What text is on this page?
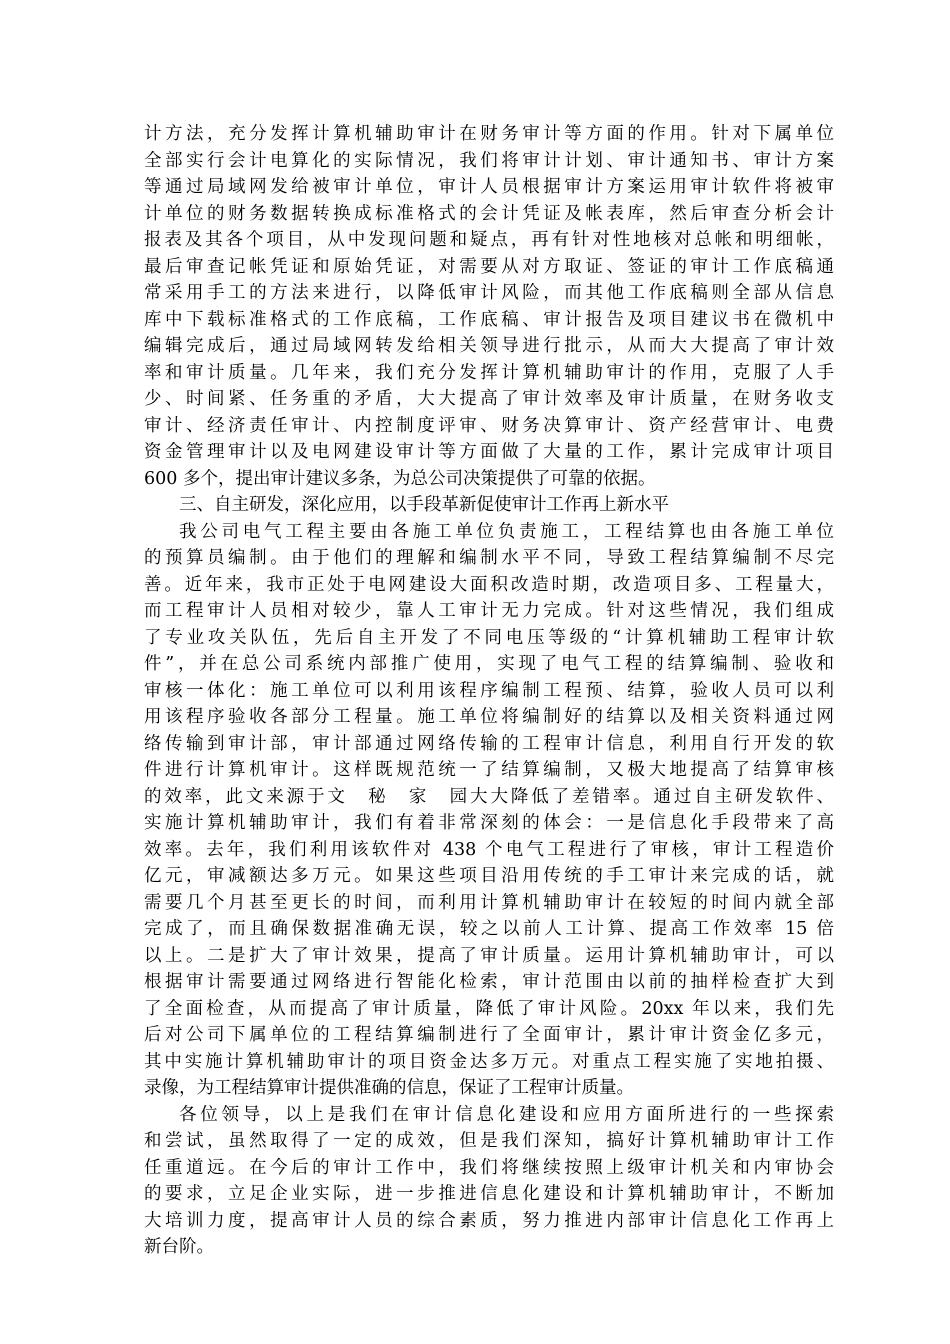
计方法，充分发挥计算机辅助审计在财务审计等方面的作用。针对下属单位
全部实行会计电算化的实际情况，我们将审计计划、审计通知书、审计方案
等通过局域网发给被审计单位，审计人员根据审计方案运用审计软件将被审
计单位的财务数据转换成标准格式的会计凭证及帐表库，然后审查分析会计
报表及其各个项目，从中发现问题和疑点，再有针对性地核对总帐和明细帐，
最后审查记帐凭证和原始凭证，对需要从对方取证、签证的审计工作底稿通
常采用手工的方法来进行，以降低审计风险，而其他工作底稿则全部从信息
库中下载标准格式的工作底稿，工作底稿、审计报告及项目建议书在微机中
编辑完成后，通过局域网转发给相关领导进行批示，从而大大提高了审计效
率和审计质量。几年来，我们充分发挥计算机辅助审计的作用，克服了人手
少、时间紧、任务重的矛盾，大大提高了审计效率及审计质量，在财务收支
审计、经济责任审计、内控制度评审、财务决算审计、资产经营审计、电费
资金管理审计以及电网建设审计等方面做了大量的工作，累计完成审计项目
600 多个，提出审计建议多条，为总公司决策提供了可靠的依据。
三、自主研发，深化应用，以手段革新促使审计工作再上新水平
我公司电气工程主要由各施工单位负责施工，工程结算也由各施工单位
的预算员编制。由于他们的理解和编制水平不同，导致工程结算编制不尽完
善。近年来，我市正处于电网建设大面积改造时期，改造项目多、工程量大，
而工程审计人员相对较少，靠人工审计无力完成。针对这些情况，我们组成
了专业攻关队伍，先后自主开发了不同电压等级的“计算机辅助工程审计软
件”，并在总公司系统内部推广使用，实现了电气工程的结算编制、验收和
审核一体化：施工单位可以利用该程序编制工程预、结算，验收人员可以利
用该程序验收各部分工程量。施工单位将编制好的结算以及相关资料通过网
络传输到审计部，审计部通过网络传输的工程审计信息，利用自行开发的软
件进行计算机审计。这样既规范统一了结算编制，又极大地提高了结算审核
的效率，此文来源于文　秘　家　园大大降低了差错率。通过自主研发软件、
实施计算机辅助审计，我们有着非常深刻的体会：一是信息化手段带来了高
效率。去年，我们利用该软件对 438 个电气工程进行了审核，审计工程造价
亿元，审减额达多万元。如果这些项目沿用传统的手工审计来完成的话，就
需要几个月甚至更长的时间，而利用计算机辅助审计在较短的时间内就全部
完成了，而且确保数据准确无误，较之以前人工计算、提高工作效率 15 倍
以上。二是扩大了审计效果，提高了审计质量。运用计算机辅助审计，可以
根据审计需要通过网络进行智能化检索，审计范围由以前的抽样检查扩大到
了全面检查，从而提高了审计质量，降低了审计风险。20xx 年以来，我们先
后对公司下属单位的工程结算编制进行了全面审计，累计审计资金亿多元，
其中实施计算机辅助审计的项目资金达多万元。对重点工程实施了实地拍摄、
录像，为工程结算审计提供准确的信息，保证了工程审计质量。
各位领导，以上是我们在审计信息化建设和应用方面所进行的一些探索
和尝试，虽然取得了一定的成效，但是我们深知，搞好计算机辅助审计工作
任重道远。在今后的审计工作中，我们将继续按照上级审计机关和内审协会
的要求，立足企业实际，进一步推进信息化建设和计算机辅助审计，不断加
大培训力度，提高审计人员的综合素质，努力推进内部审计信息化工作再上
新台阶。
